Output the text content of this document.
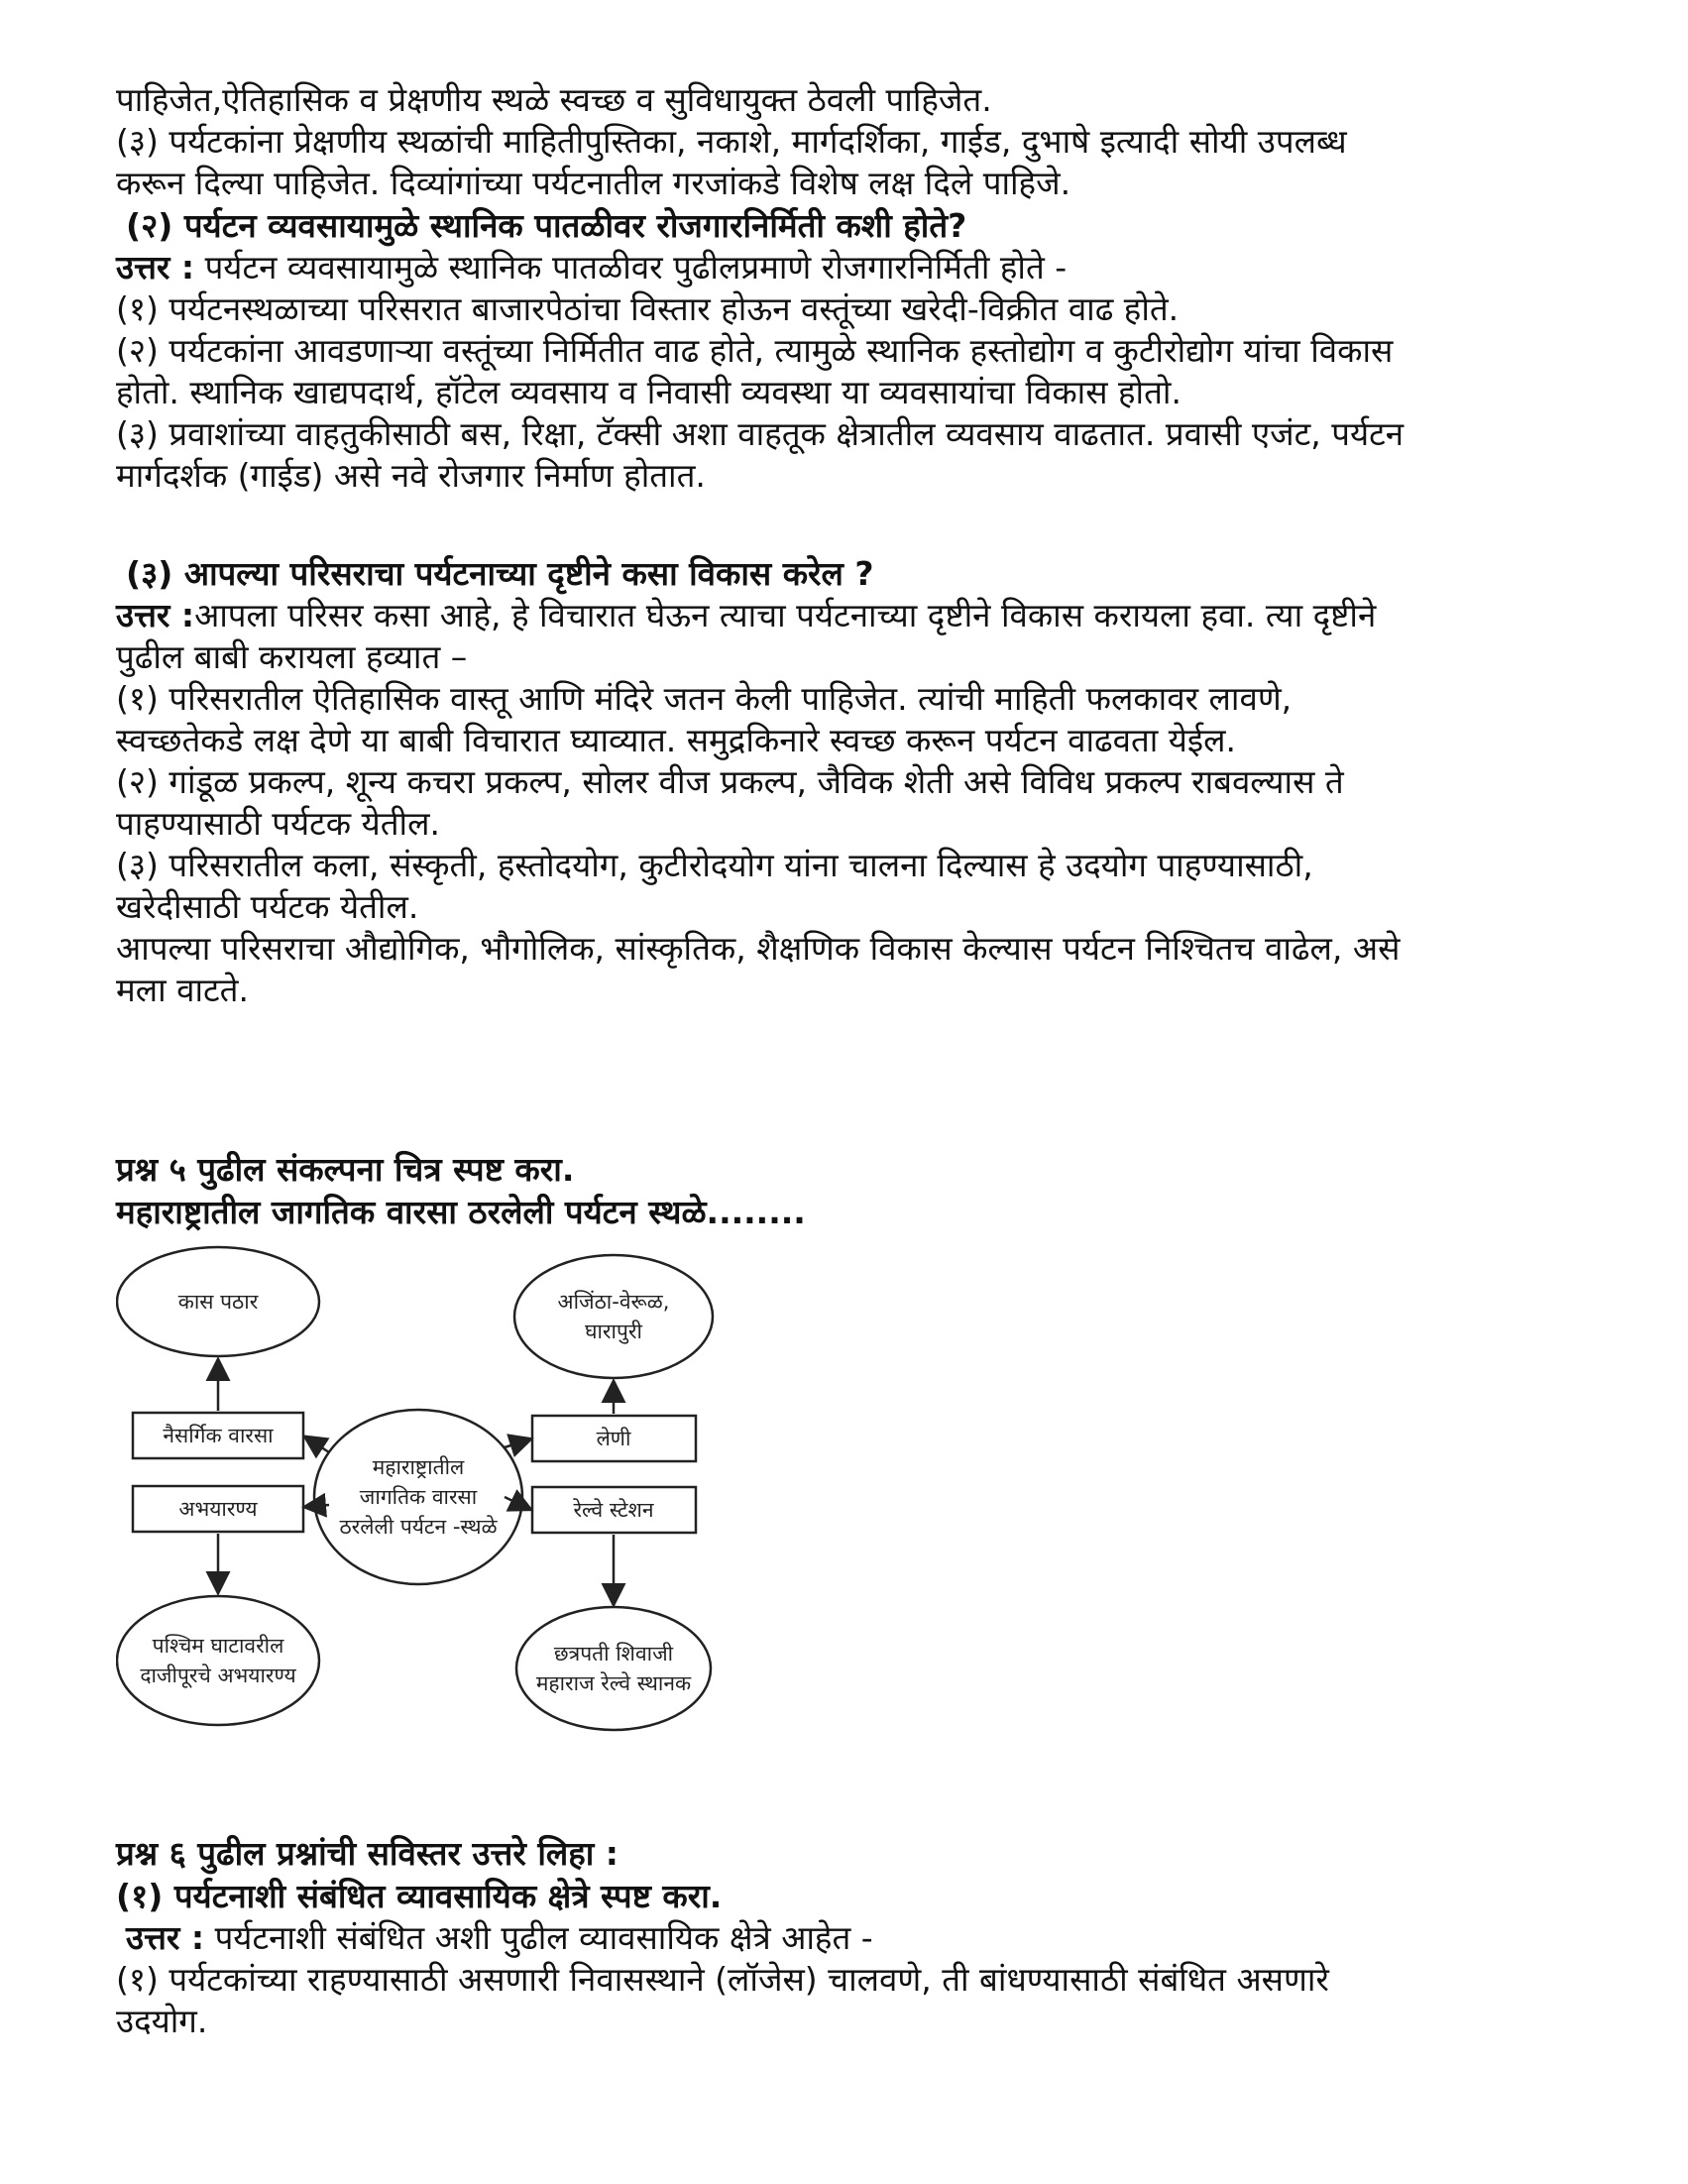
पाहिजेत,ऐतिहासिक व प्रेक्षणीय स्थळे स्वच्छ व सुविधायुक्त ठेवली पाहिजेत.
(३) पर्यटकांना प्रेक्षणीय स्थळांची माहितीपुस्तिका, नकाशे, मार्गदर्शिका, गाईड, दुभाषे इत्यादी सोयी उपलब्ध
करून दिल्या पाहिजेत. दिव्यांगांच्या पर्यटनातील गरजांकडे विशेष लक्ष दिले पाहिजे.
(२) पर्यटन व्यवसायामुळे स्थानिक पातळीवर रोजगारनिर्मिती कशी होते?
उत्तर : पर्यटन व्यवसायामुळे स्थानिक पातळीवर पुढीलप्रमाणे रोजगारनिर्मिती होते -
(१) पर्यटनस्थळाच्या परिसरात बाजारपेठांचा विस्तार होऊन वस्तूंच्या खरेदी-विक्रीत वाढ होते.
(२) पर्यटकांना आवडणाऱ्या वस्तूंच्या निर्मितीत वाढ होते, त्यामुळे स्थानिक हस्तोद्योग व कुटीरोद्योग यांचा विकास
होतो. स्थानिक खाद्यपदार्थ, हॉटेल व्यवसाय व निवासी व्यवस्था या व्यवसायांचा विकास होतो.
(३) प्रवाशांच्या वाहतुकीसाठी बस, रिक्षा, टॅक्सी अशा वाहतूक क्षेत्रातील व्यवसाय वाढतात. प्रवासी एजंट, पर्यटन
मार्गदर्शक (गाईड) असे नवे रोजगार निर्माण होतात.
(३) आपल्या परिसराचा पर्यटनाच्या दृष्टीने कसा विकास करेल ?
उत्तर :आपला परिसर कसा आहे, हे विचारात घेऊन त्याचा पर्यटनाच्या दृष्टीने विकास करायला हवा. त्या दृष्टीने
पुढील बाबी करायला हव्यात –
(१) परिसरातील ऐतिहासिक वास्तू आणि मंदिरे जतन केली पाहिजेत. त्यांची माहिती फलकावर लावणे,
स्वच्छतेकडे लक्ष देणे या बाबी विचारात घ्याव्यात. समुद्रकिनारे स्वच्छ करून पर्यटन वाढवता येईल.
(२) गांडूळ प्रकल्प, शून्य कचरा प्रकल्प, सोलर वीज प्रकल्प, जैविक शेती असे विविध प्रकल्प राबवल्यास ते
पाहण्यासाठी पर्यटक येतील.
(३) परिसरातील कला, संस्कृती, हस्तोदयोग, कुटीरोदयोग यांना चालना दिल्यास हे उदयोग पाहण्यासाठी,
खरेदीसाठी पर्यटक येतील.
आपल्या परिसराचा औद्योगिक, भौगोलिक, सांस्कृतिक, शैक्षणिक विकास केल्यास पर्यटन निश्चितच वाढेल, असे
मला वाटते.
प्रश्न ५ पुढील संकल्पना चित्र स्पष्ट करा.
महाराष्ट्रातील जागतिक वारसा ठरलेली पर्यटन स्थळे........
कास पठार	अजिंठा-वेरूळ, घारापुरी
पश्चिम घाटावरील दाजीपूरचे अभयारण्य
छत्रपती शिवाजी महाराज रेल्वे स्थानक
महाराष्ट्रातील जागतिक वारसा ठरलेली पर्यटन -स्थळे
नैसर्गिक वारसा
अभयारण्य
लेणी
रेल्वे स्टेशन
प्रश्न ६ पुढील प्रश्नांची सविस्तर उत्तरे लिहा :
(१) पर्यटनाशी संबंधित व्यावसायिक क्षेत्रे स्पष्ट करा.
उत्तर : पर्यटनाशी संबंधित अशी पुढील व्यावसायिक क्षेत्रे आहेत -
(१) पर्यटकांच्या राहण्यासाठी असणारी निवासस्थाने (लॉजेस) चालवणे, ती बांधण्यासाठी संबंधित असणारे
उदयोग.
